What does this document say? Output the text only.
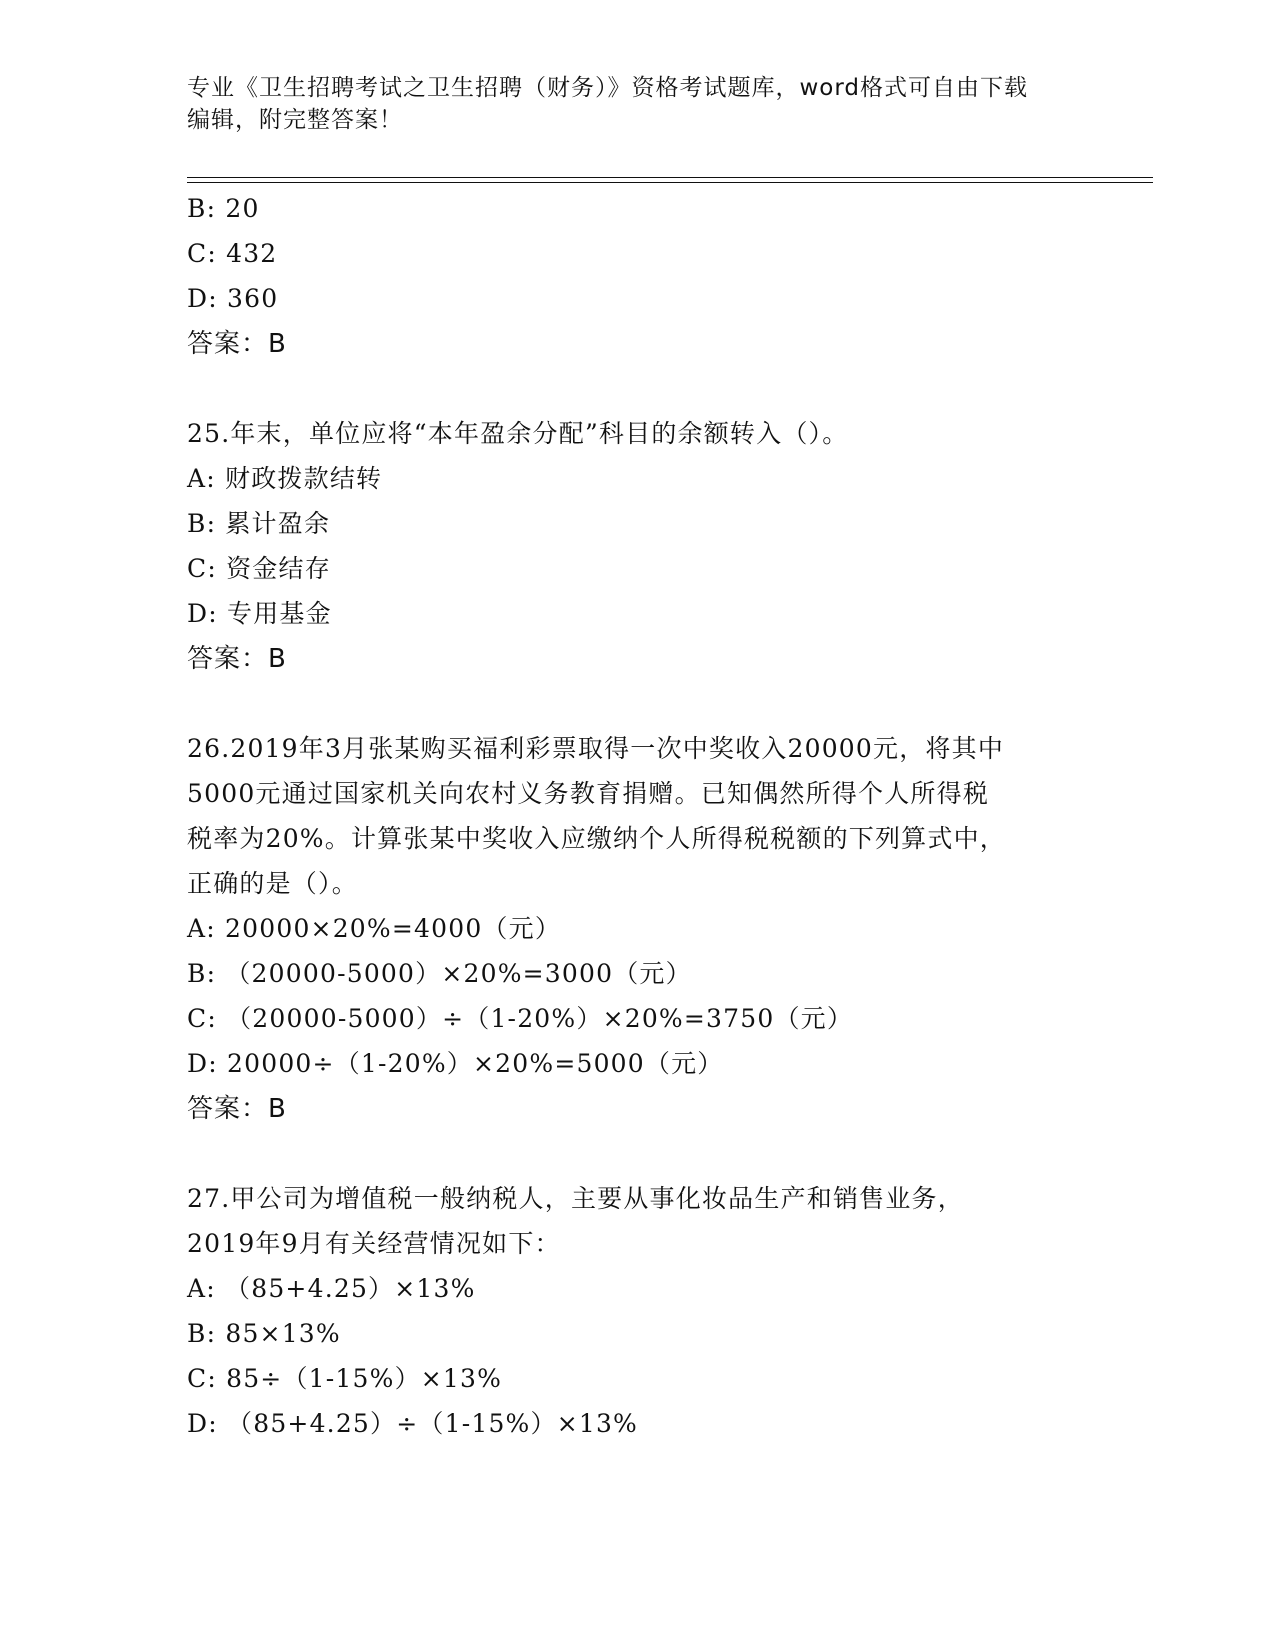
专业《卫生招聘考试之卫生招聘（财务）》资格考试题库，word格式可自由下载
编辑，附完整答案！
B: 20
C: 432
D: 360
答案：B
25.年末，单位应将“本年盈余分配”科目的余额转入（）。
A: 财政拨款结转
B: 累计盈余
C: 资金结存
D: 专用基金
答案：B
26.2019年3月张某购买福利彩票取得一次中奖收入20000元，将其中
5000元通过国家机关向农村义务教育捐赠。已知偶然所得个人所得税
税率为20%。计算张某中奖收入应缴纳个人所得税税额的下列算式中，
正确的是（）。
A: 20000×20%=4000（元）
B: （20000-5000）×20%=3000（元）
C: （20000-5000）÷（1-20%）×20%=3750（元）
D: 20000÷（1-20%）×20%=5000（元）
答案：B
27.甲公司为增值税一般纳税人，主要从事化妆品生产和销售业务，
2019年9月有关经营情况如下：
A: （85+4.25）×13%
B: 85×13%
C: 85÷（1-15%）×13%
D: （85+4.25）÷（1-15%）×13%
